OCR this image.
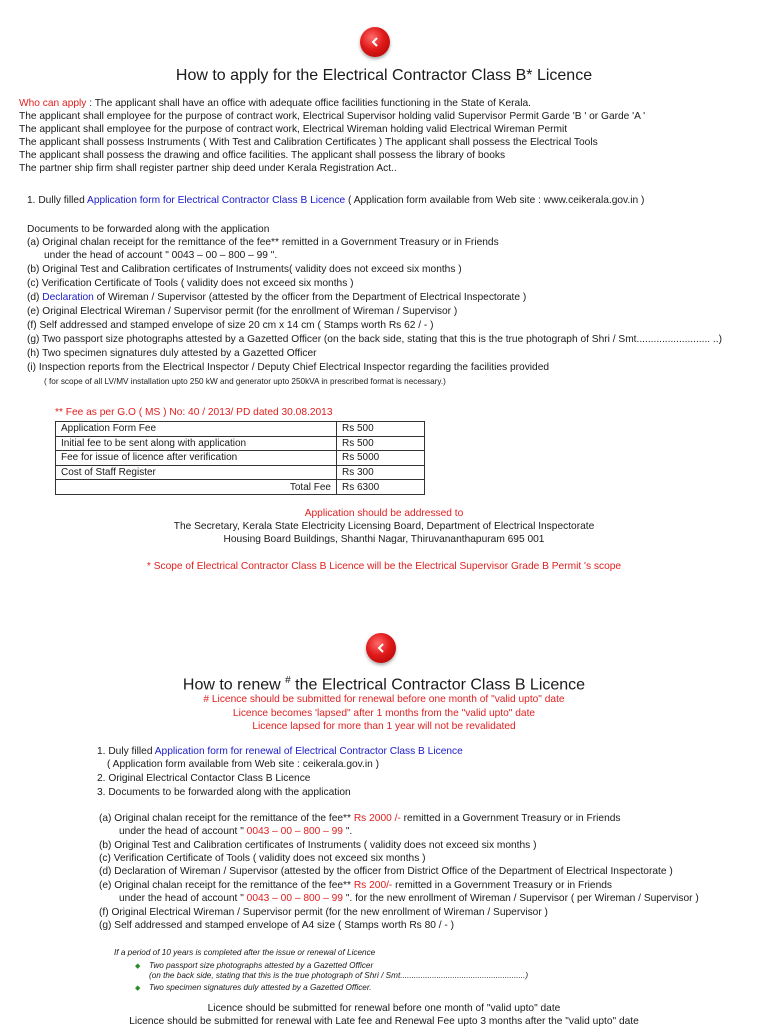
How to apply for the Electrical Contractor Class B* Licence
Who can apply : The applicant shall have an office with adequate office facilities functioning in the State of Kerala.
The applicant shall employee for the purpose of contract work, Electrical Supervisor holding valid Supervisor Permit Garde 'B ' or Garde 'A '
The applicant shall employee for the purpose of contract work, Electrical Wireman holding valid Electrical Wireman Permit
The applicant shall possess Instruments ( With Test and Calibration Certificates ) The applicant shall possess the Electrical Tools
The applicant shall possess the drawing and office facilities. The applicant shall possess the library of books
The partner ship firm shall register partner ship deed under Kerala Registration Act..
1. Dully filled Application form for Electrical Contractor Class B Licence ( Application form available from Web site : www.ceikerala.gov.in )
Documents to be forwarded along with the application
(a) Original chalan receipt for the remittance of the fee** remitted in a Government Treasury or in Friends
under the head of account " 0043 – 00 – 800 – 99 ".
(b) Original Test and Calibration certificates of Instruments( validity does not exceed six months )
(c) Verification Certificate of Tools ( validity does not exceed six months )
(d) Declaration of Wireman / Supervisor (attested by the officer from the Department of Electrical Inspectorate )
(e) Original Electrical Wireman / Supervisor permit (for the enrollment of Wireman / Supervisor )
(f) Self addressed and stamped envelope of size 20 cm x 14 cm ( Stamps worth Rs 62 / - )
(g) Two passport size photographs attested by a Gazetted Officer (on the back side, stating that this is the true photograph of Shri / Smt.......................... ..)
(h) Two specimen signatures duly attested by a Gazetted Officer
(i) Inspection reports from the Electrical Inspector / Deputy Chief Electrical Inspector regarding the facilities provided
( for scope of all LV/MV installation upto 250 kW and generator upto 250kVA in prescribed format is necessary.)
** Fee as per G.O ( MS ) No: 40 / 2013/ PD dated 30.08.2013
Application Form Fee	Rs 500
Initial fee to be sent along with application	Rs 500
Fee for issue of licence after verification	Rs 5000
Cost of Staff Register	Rs 300
Total Fee	Rs 6300
Application should be addressed to
The Secretary, Kerala State Electricity Licensing Board, Department of Electrical Inspectorate
Housing Board Buildings, Shanthi Nagar, Thiruvananthapuram 695 001
* Scope of Electrical Contractor Class B Licence will be the Electrical Supervisor Grade B Permit 's scope
How to renew # the Electrical Contractor Class B Licence
# Licence should be submitted for renewal before one month of "valid upto" date
Licence becomes 'lapsed" after 1 months from the "valid upto" date
Licence lapsed for more than 1 year will not be revalidated
1. Duly filled Application form for renewal of Electrical Contractor Class B Licence
( Application form available from Web site : ceikerala.gov.in )
2. Original Electrical Contactor Class B Licence
3. Documents to be forwarded along with the application
(a) Original chalan receipt for the remittance of the fee** Rs 2000 /- remitted in a Government Treasury or in Friends
under the head of account " 0043 – 00 – 800 – 99 ".
(b) Original Test and Calibration certificates of Instruments ( validity does not exceed six months )
(c) Verification Certificate of Tools ( validity does not exceed six months )
(d) Declaration of Wireman / Supervisor (attested by the officer from District Office of the Department of Electrical Inspectorate )
(e) Original chalan receipt for the remittance of the fee** Rs 200/- remitted in a Government Treasury or in Friends
under the head of account " 0043 – 00 – 800 – 99 ". for the new enrollment of Wireman / Supervisor ( per Wireman / Supervisor )
(f) Original Electrical Wireman / Supervisor permit (for the new enrollment of Wireman / Supervisor )
(g) Self addressed and stamped envelope of A4 size ( Stamps worth Rs 80 / - )
If a period of 10 years is completed after the issue or renewal of Licence
◆ Two passport size photographs attested by a Gazetted Officer
(on the back side, stating that this is the true photograph of Shri / Smt.......................................................)
◆ Two specimen signatures duly attested by a Gazetted Officer.
Licence should be submitted for renewal before one month of "valid upto" date
Licence should be submitted for renewal with Late fee and Renewal Fee upto 3 months after the "valid upto" date
